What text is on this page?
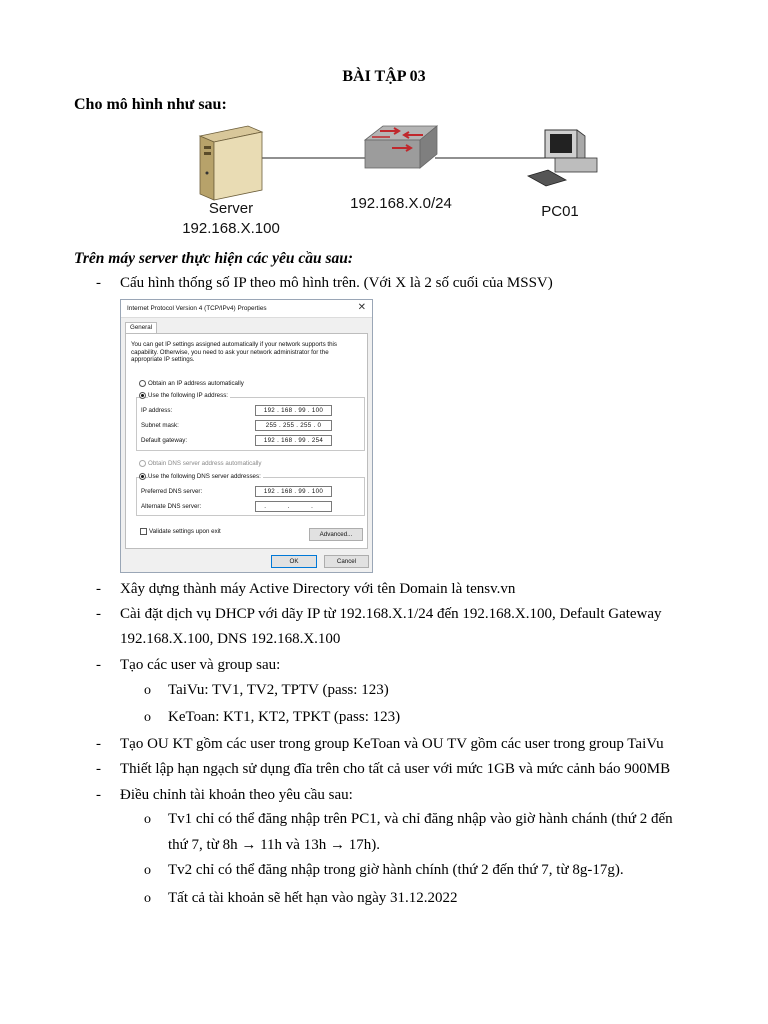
BÀI TẬP 03
Cho mô hình như sau:
Server
192.168.X.100
192.168.X.0/24	PC01
Trên máy server thực hiện các yêu cầu sau:
- Cấu hình thống số IP theo mô hình trên. (Với X là 2 số cuối của MSSV)
Internet Protocol Version 4 (TCP/IPv4) Properties	✕
General
You can get IP settings assigned automatically if your network supports this capability. Otherwise, you need to ask your network administrator for the appropriate IP settings.
Obtain an IP address automatically
Use the following IP address:
IP address:	192 . 168 . 99 . 100
Subnet mask:	255 . 255 . 255 . 0
Default gateway:	192 . 168 . 99 . 254
Obtain DNS server address automatically
Use the following DNS server addresses:
Preferred DNS server:	192 . 168 . 99 . 100
Alternate DNS server:	. . .
Validate settings upon exit	Advanced...
OK	Cancel
- Xây dựng thành máy Active Directory với tên Domain là tensv.vn
- Cài đặt dịch vụ DHCP với dãy IP từ 192.168.X.1/24 đến 192.168.X.100, Default Gateway
192.168.X.100, DNS 192.168.X.100
- Tạo các user và group sau:
o TaiVu: TV1, TV2, TPTV (pass: 123)
o KeToan: KT1, KT2, TPKT (pass: 123)
- Tạo OU KT gồm các user trong group KeToan và OU TV gồm các user trong group TaiVu
- Thiết lập hạn ngạch sử dụng đĩa trên cho tất cả user với mức 1GB và mức cảnh báo 900MB
- Điều chỉnh tài khoản theo yêu cầu sau:
o Tv1 chỉ có thể đăng nhập trên PC1, và chỉ đăng nhập vào giờ hành chánh (thứ 2 đến
thứ 7, từ 8h → 11h và 13h → 17h).
o Tv2 chỉ có thể đăng nhập trong giờ hành chính (thứ 2 đến thứ 7, từ 8g-17g).
o Tất cả tài khoản sẽ hết hạn vào ngày 31.12.2022
